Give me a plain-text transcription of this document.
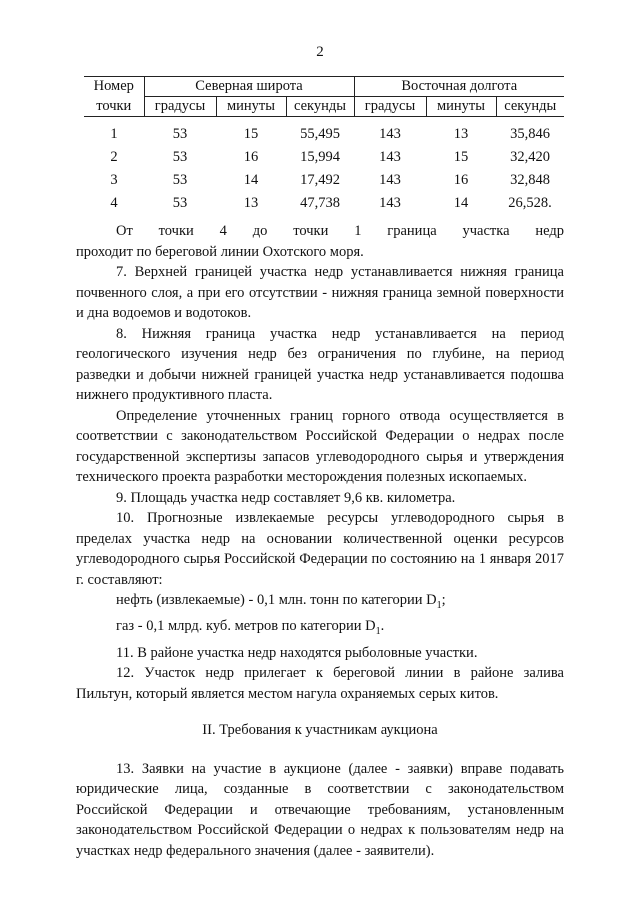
2
Номер	Северная широта			Восточная долгота		
точки	градусы	минуты	секунды	градусы	минуты	секунды

1	53	15	55,495	143	13	35,846
2	53	16	15,994	143	15	32,420
3	53	14	17,492	143	16	32,848
4	53	13	47,738	143	14	26,528.

От точки 4 до точки 1 граница участка недр

проходит по береговой линии Охотского моря.

7. Верхней границей участка недр устанавливается нижняя граница почвенного слоя, а при его отсутствии - нижняя граница земной поверхности и дна водоемов и водотоков.

8. Нижняя граница участка недр устанавливается на период геологического изучения недр без ограничения по глубине, на период разведки и добычи нижней границей участка недр устанавливается подошва нижнего продуктивного пласта.

Определение уточненных границ горного отвода осуществляется в соответствии с законодательством Российской Федерации о недрах после государственной экспертизы запасов углеводородного сырья и утверждения технического проекта разработки месторождения полезных ископаемых.

9. Площадь участка недр составляет 9,6 кв. километра.

10. Прогнозные извлекаемые ресурсы углеводородного сырья в пределах участка недр на основании количественной оценки ресурсов углеводородного сырья Российской Федерации по состоянию на 1 января 2017 г. составляют:

нефть (извлекаемые) - 0,1 млн. тонн по категории $D_1$;

газ - 0,1 млрд. куб. метров по категории $D_1$.

11. В районе участка недр находятся рыболовные участки.

12. Участок недр прилегает к береговой линии в районе залива Пильтун, который является местом нагула охраняемых серых китов.

II. Требования к участникам аукциона

13. Заявки на участие в аукционе (далее - заявки) вправе подавать юридические лица, созданные в соответствии с законодательством Российской Федерации и отвечающие требованиям, установленным законодательством Российской Федерации о недрах к пользователям недр на участках недр федерального значения (далее - заявители).
